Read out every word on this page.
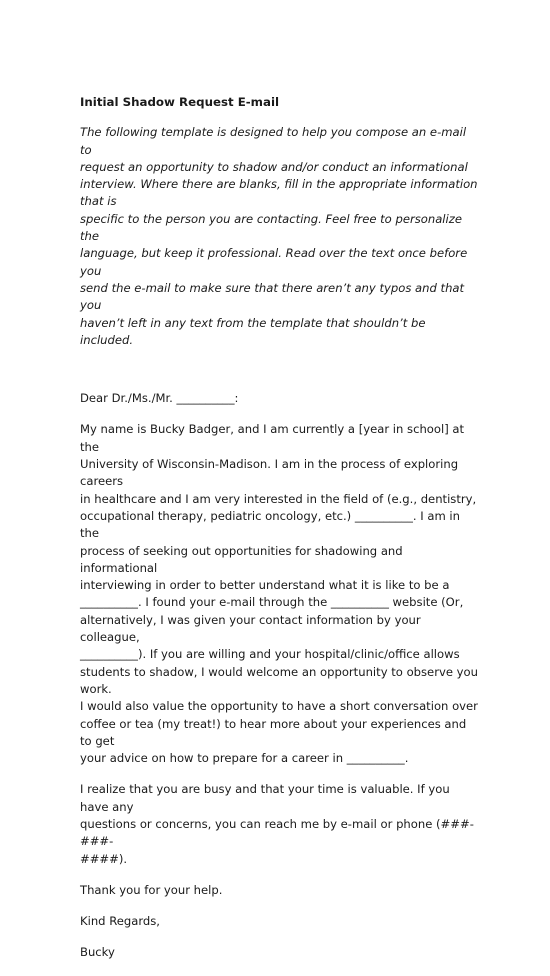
Initial Shadow Request E-mail
The following template is designed to help you compose an e-mail to
request an opportunity to shadow and/or conduct an informational
interview. Where there are blanks, fill in the appropriate information that is
specific to the person you are contacting. Feel free to personalize the
language, but keep it professional. Read over the text once before you
send the e-mail to make sure that there aren’t any typos and that you
haven’t left in any text from the template that shouldn’t be included.
Dear Dr./Ms./Mr. __________:
My name is Bucky Badger, and I am currently a [year in school] at the
University of Wisconsin-Madison. I am in the process of exploring careers
in healthcare and I am very interested in the field of (e.g., dentistry,
occupational therapy, pediatric oncology, etc.) __________. I am in the
process of seeking out opportunities for shadowing and informational
interviewing in order to better understand what it is like to be a
__________. I found your e-mail through the __________ website (Or,
alternatively, I was given your contact information by your colleague,
__________). If you are willing and your hospital/clinic/office allows
students to shadow, I would welcome an opportunity to observe you work.
I would also value the opportunity to have a short conversation over
coffee or tea (my treat!) to hear more about your experiences and to get
your advice on how to prepare for a career in __________.
I realize that you are busy and that your time is valuable. If you have any
questions or concerns, you can reach me by e-mail or phone (###-###-
####).
Thank you for your help.
Kind Regards,
Bucky
